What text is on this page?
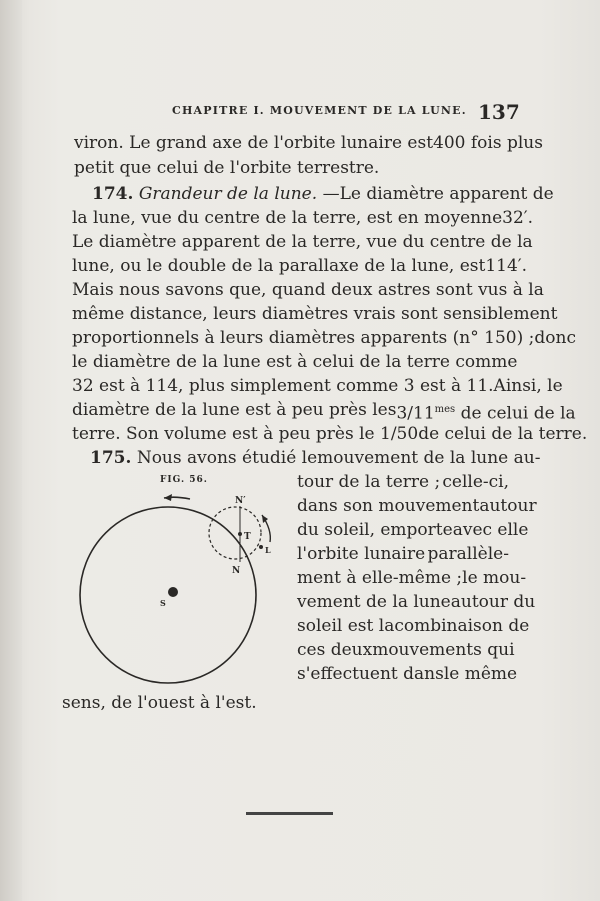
CHAPITRE I. MOUVEMENT DE LA LUNE. 137
viron. Le grand axe de l'orbite lunaire est 400 fois plus
petit que celui de l'orbite terrestre.
174. Grandeur de la lune. — Le diamètre apparent de
la lune, vue du centre de la terre, est en moyenne 32′.
Le diamètre apparent de la terre, vue du centre de la
lune, ou le double de la parallaxe de la lune, est 114′.
Mais nous savons que, quand deux astres sont vus à la
même distance, leurs diamètres vrais sont sensiblement
proportionnels à leurs diamètres apparents (n° 150) ; donc
le diamètre de la lune est à celui de la terre comme
32 est à 114, plus simplement comme 3 est à 11. Ainsi, le
diamètre de la lune est à peu près les $3/11^{mes}$ de celui de la
terre. Son volume est à peu près le 1/50 de celui de la terre.
175. Nous avons étudié le mouvement de la lune au-
tour de la terre ; celle-ci,
dans son mouvement autour
du soleil, emporte avec elle
l'orbite lunaire parallèle-
ment à elle-même ; le mou-
vement de la lune autour du
soleil est la combinaison de
ces deux mouvements qui
s'effectuent dans le même
sens, de l'ouest à l'est.
FIG. 56.
N′
T
L
N
S
